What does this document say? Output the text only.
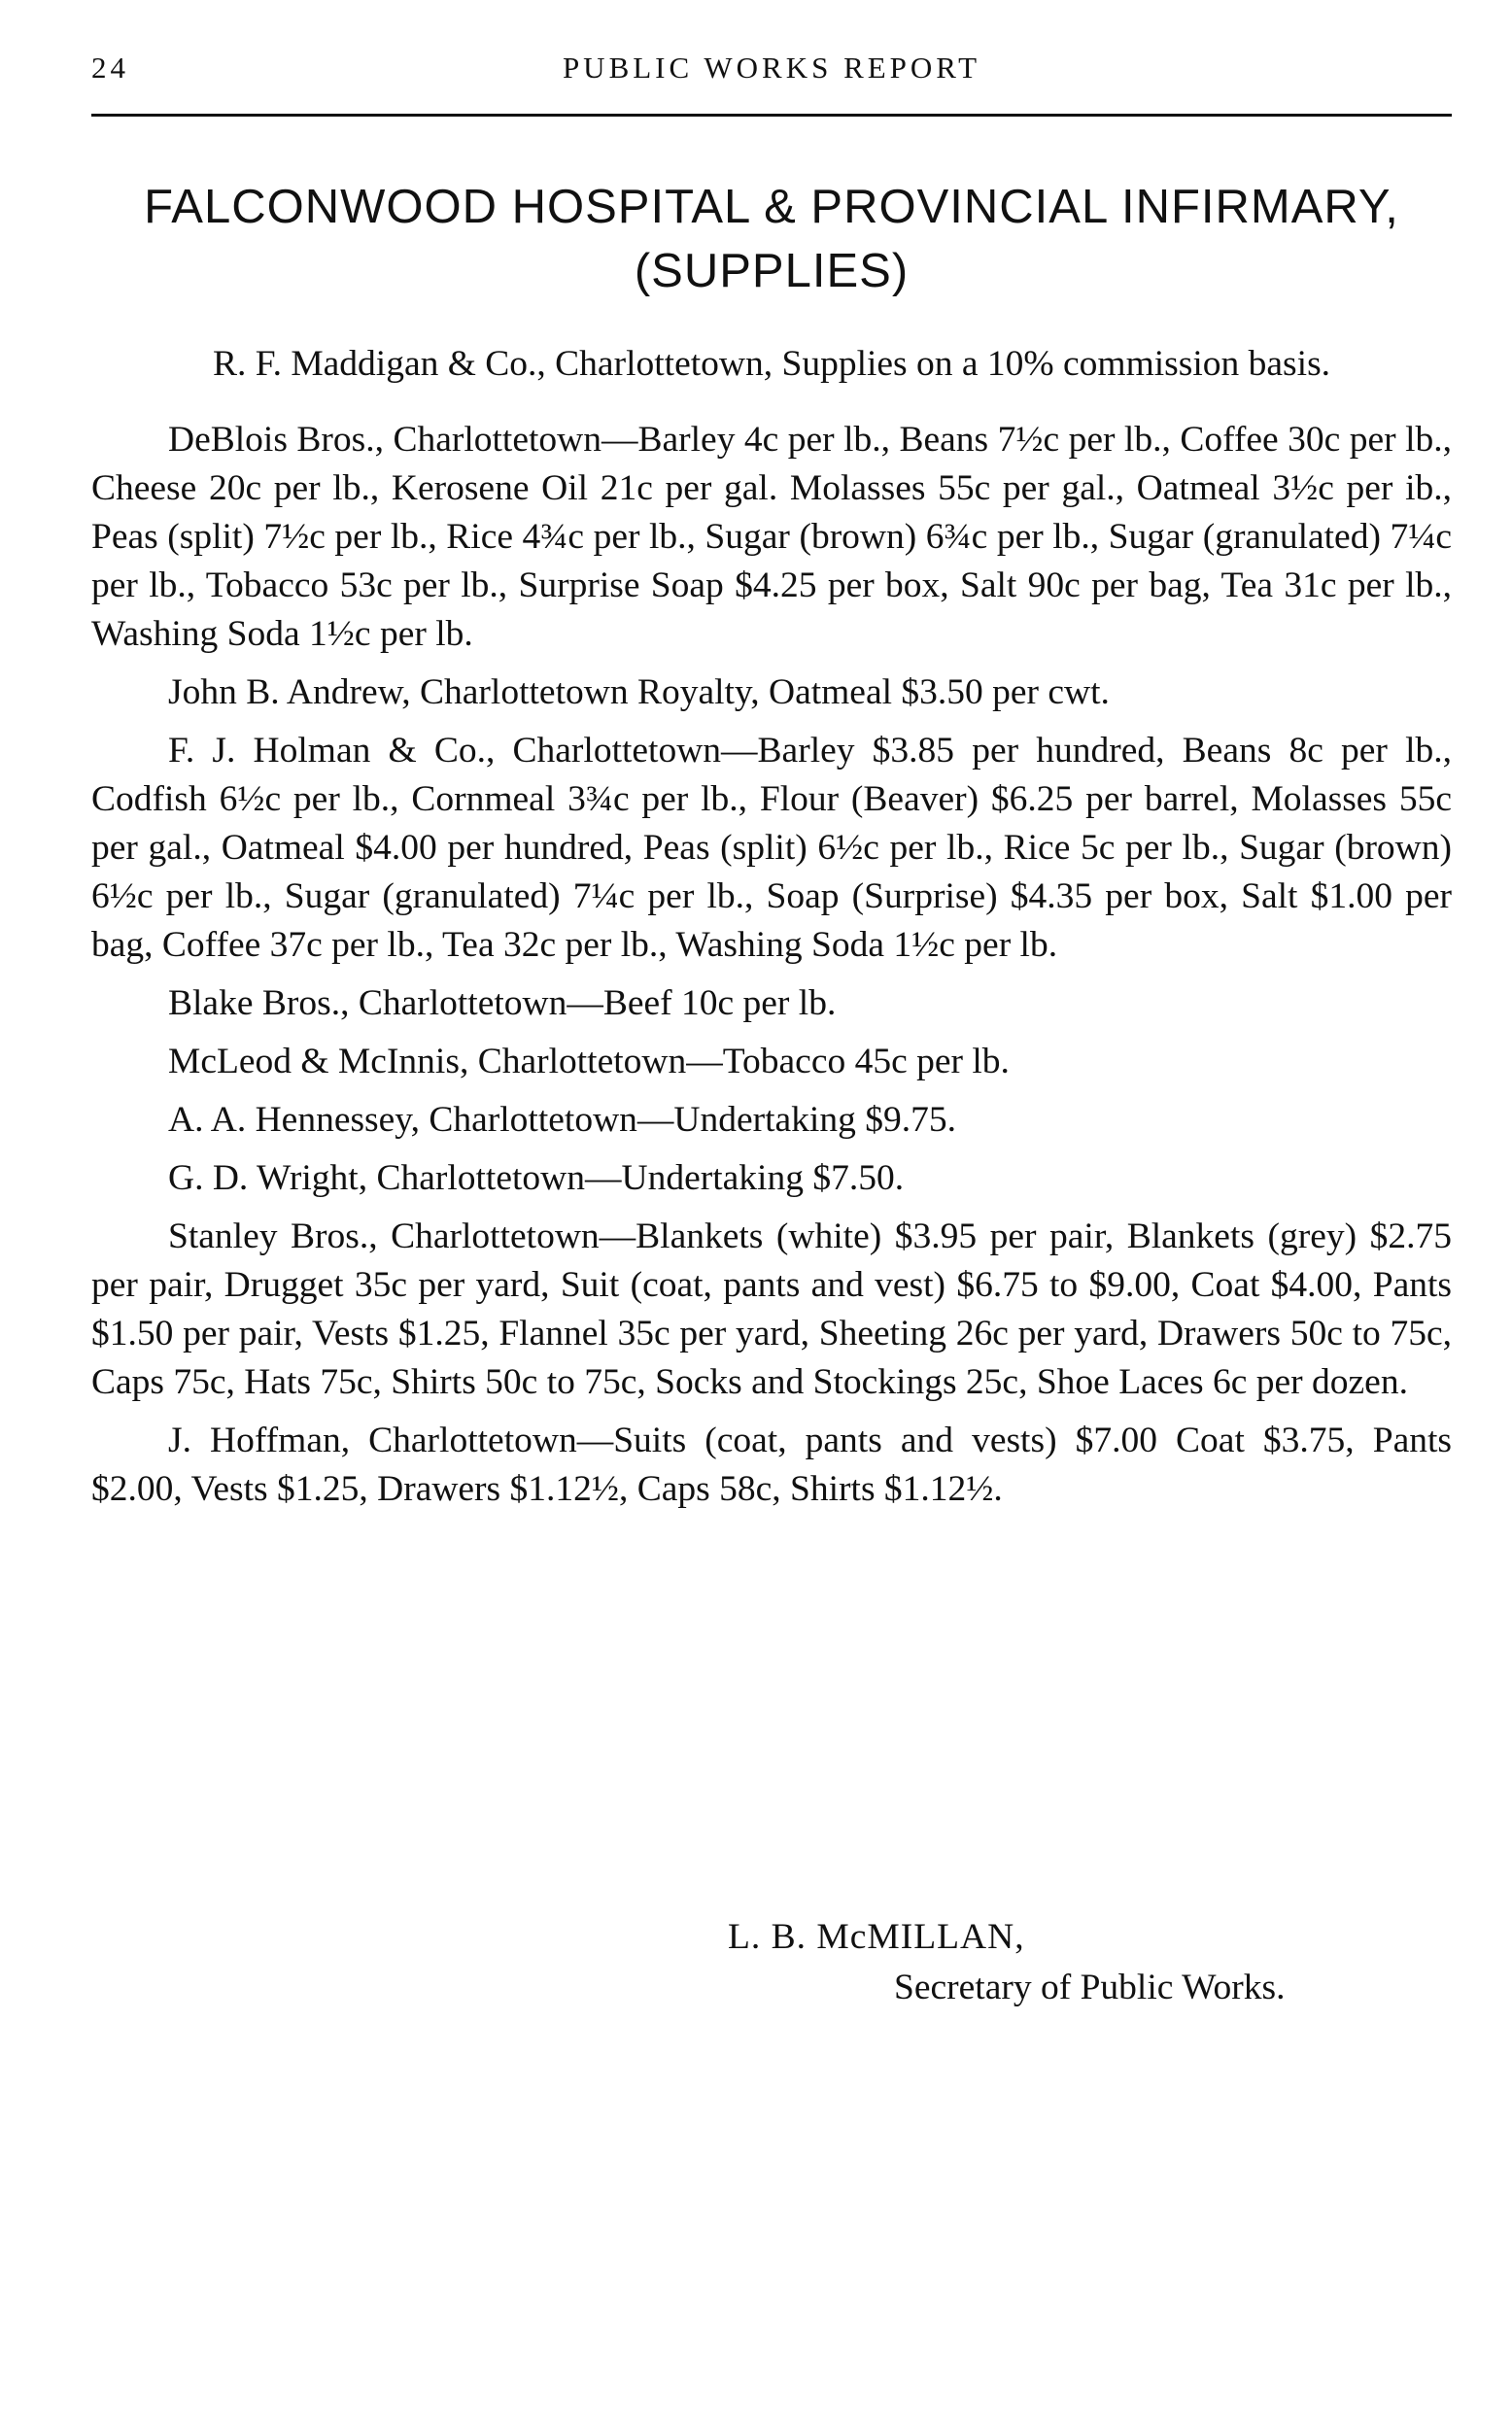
24	PUBLIC WORKS REPORT
FALCONWOOD HOSPITAL & PROVINCIAL INFIRMARY,
(SUPPLIES)

R. F. Maddigan & Co., Charlottetown, Supplies on a 10% commission basis.

DeBlois Bros., Charlottetown—Barley 4c per lb., Beans 7½c per lb., Coffee 30c per lb., Cheese 20c per lb., Kerosene Oil 21c per gal. Molasses 55c per gal., Oatmeal 3½c per ib., Peas (split) 7½c per lb., Rice 4¾c per lb., Sugar (brown) 6¾c per lb., Sugar (granulated) 7¼c per lb., Tobacco 53c per lb., Surprise Soap $4.25 per box, Salt 90c per bag, Tea 31c per lb., Washing Soda 1½c per lb.

John B. Andrew, Charlottetown Royalty, Oatmeal $3.50 per cwt.

F. J. Holman & Co., Charlottetown—Barley $3.85 per hundred, Beans 8c per lb., Codfish 6½c per lb., Cornmeal 3¾c per lb., Flour (Beaver) $6.25 per barrel, Molasses 55c per gal., Oatmeal $4.00 per hundred, Peas (split) 6½c per lb., Rice 5c per lb., Sugar (brown) 6½c per lb., Sugar (granulated) 7¼c per lb., Soap (Surprise) $4.35 per box, Salt $1.00 per bag, Coffee 37c per lb., Tea 32c per lb., Washing Soda 1½c per lb.

Blake Bros., Charlottetown—Beef 10c per lb.

McLeod & McInnis, Charlottetown—Tobacco 45c per lb.

A. A. Hennessey, Charlottetown—Undertaking $9.75.

G. D. Wright, Charlottetown—Undertaking $7.50.

Stanley Bros., Charlottetown—Blankets (white) $3.95 per pair, Blankets (grey) $2.75 per pair, Drugget 35c per yard, Suit (coat, pants and vest) $6.75 to $9.00, Coat $4.00, Pants $1.50 per pair, Vests $1.25, Flannel 35c per yard, Sheeting 26c per yard, Drawers 50c to 75c, Caps 75c, Hats 75c, Shirts 50c to 75c, Socks and Stockings 25c, Shoe Laces 6c per dozen.

J. Hoffman, Charlottetown—Suits (coat, pants and vests) $7.00 Coat $3.75, Pants $2.00, Vests $1.25, Drawers $1.12½, Caps 58c, Shirts $1.12½.

L. B. McMILLAN,
Secretary of Public Works.
